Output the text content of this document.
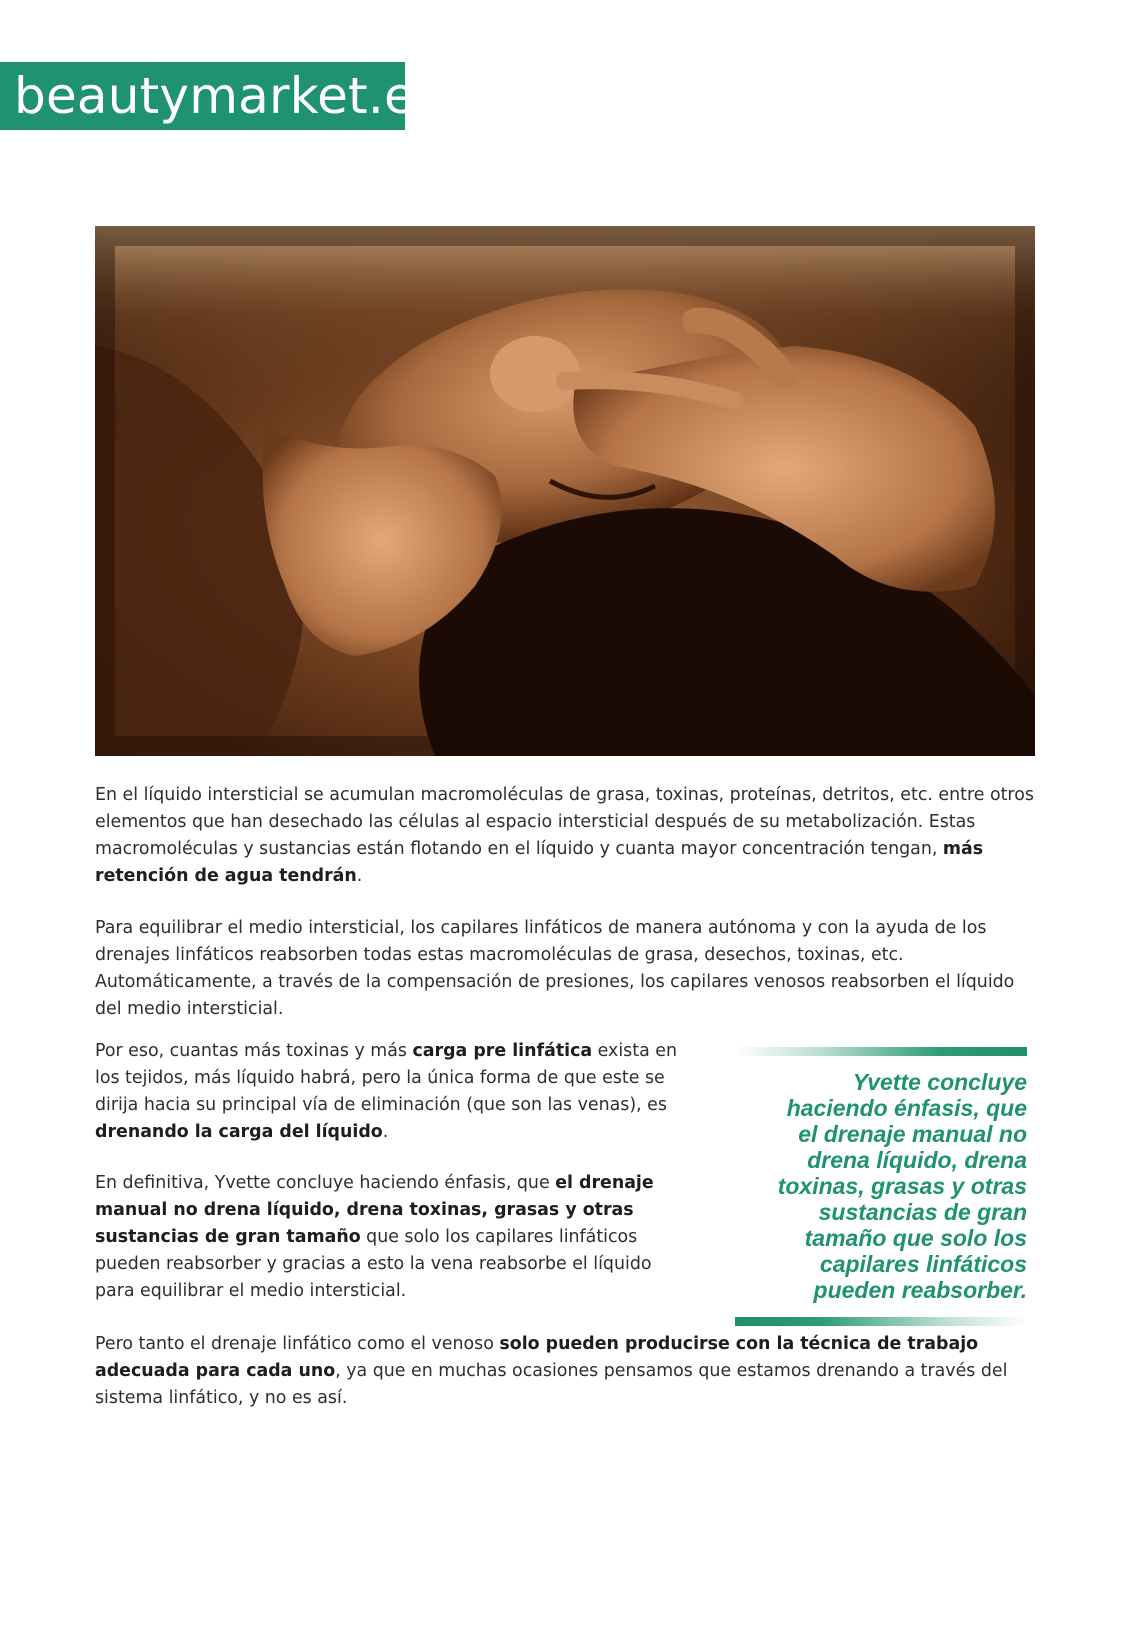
beautymarket.es

En el líquido intersticial se acumulan macromoléculas de grasa, toxinas, proteínas, detritos, etc. entre otros elementos que han desechado las células al espacio intersticial después de su metabolización. Estas macromoléculas y sustancias están flotando en el líquido y cuanta mayor concentración tengan, más retención de agua tendrán.

Para equilibrar el medio intersticial, los capilares linfáticos de manera autónoma y con la ayuda de los drenajes linfáticos reabsorben todas estas macromoléculas de grasa, desechos, toxinas, etc. Automáticamente, a través de la compensación de presiones, los capilares venosos reabsorben el líquido del medio intersticial.

Por eso, cuantas más toxinas y más carga pre linfática exista en los tejidos, más líquido habrá, pero la única forma de que este se dirija hacia su principal vía de eliminación (que son las venas), es drenando la carga del líquido.

En definitiva, Yvette concluye haciendo énfasis, que el drenaje manual no drena líquido, drena toxinas, grasas y otras sustancias de gran tamaño que solo los capilares linfáticos pueden reabsorber y gracias a esto la vena reabsorbe el líquido para equilibrar el medio intersticial.

Yvette concluye
haciendo énfasis, que
el drenaje manual no
drena líquido, drena
toxinas, grasas y otras
sustancias de gran
tamaño que solo los
capilares linfáticos
pueden reabsorber.

Pero tanto el drenaje linfático como el venoso solo pueden producirse con la técnica de trabajo adecuada para cada uno, ya que en muchas ocasiones pensamos que estamos drenando a través del sistema linfático, y no es así.
